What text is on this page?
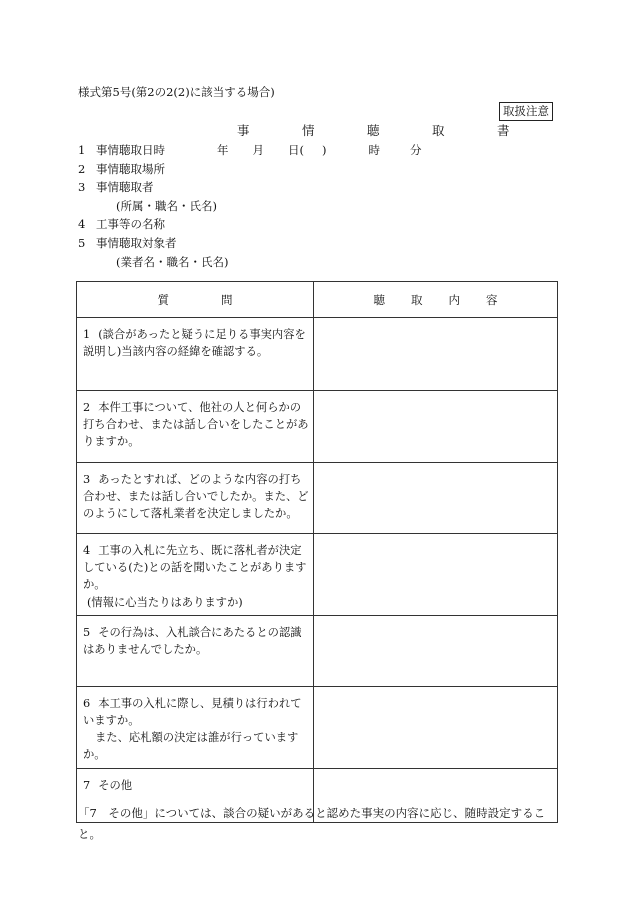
様式第5号(第2の2(2)に該当する場合)
取扱注意
事　情　聴　取　書
1 事情聴取日時
2 事情聴取場所
3 事情聴取者
(所属・職名・氏名)
4 工事等の名称
5 事情聴取対象者
(業者名・職名・氏名)
年 月 日( )	時	分
質 問	聴 取 内 容

1 (談合があったと疑うに足りる事実内容を説明し)当該内容の経緯を確認する。	
2 本件工事について、他社の人と何らかの打ち合わせ、または話し合いをしたことがありますか。	
3 あったとすれば、どのような内容の打ち合わせ、または話し合いでしたか。また、どのようにして落札業者を決定しましたか。	
4 工事の入札に先立ち、既に落札者が決定している(た)との話を聞いたことがありますか。
(情報に心当たりはありますか)	
5 その行為は、入札談合にあたるとの認識はありませんでしたか。	
6 本工事の入札に際し、見積りは行われていますか。
また、応札額の決定は誰が行っていますか。	
7 その他	
「7　その他」については、談合の疑いがあると認めた事実の内容に応じ、随時設定すること。
